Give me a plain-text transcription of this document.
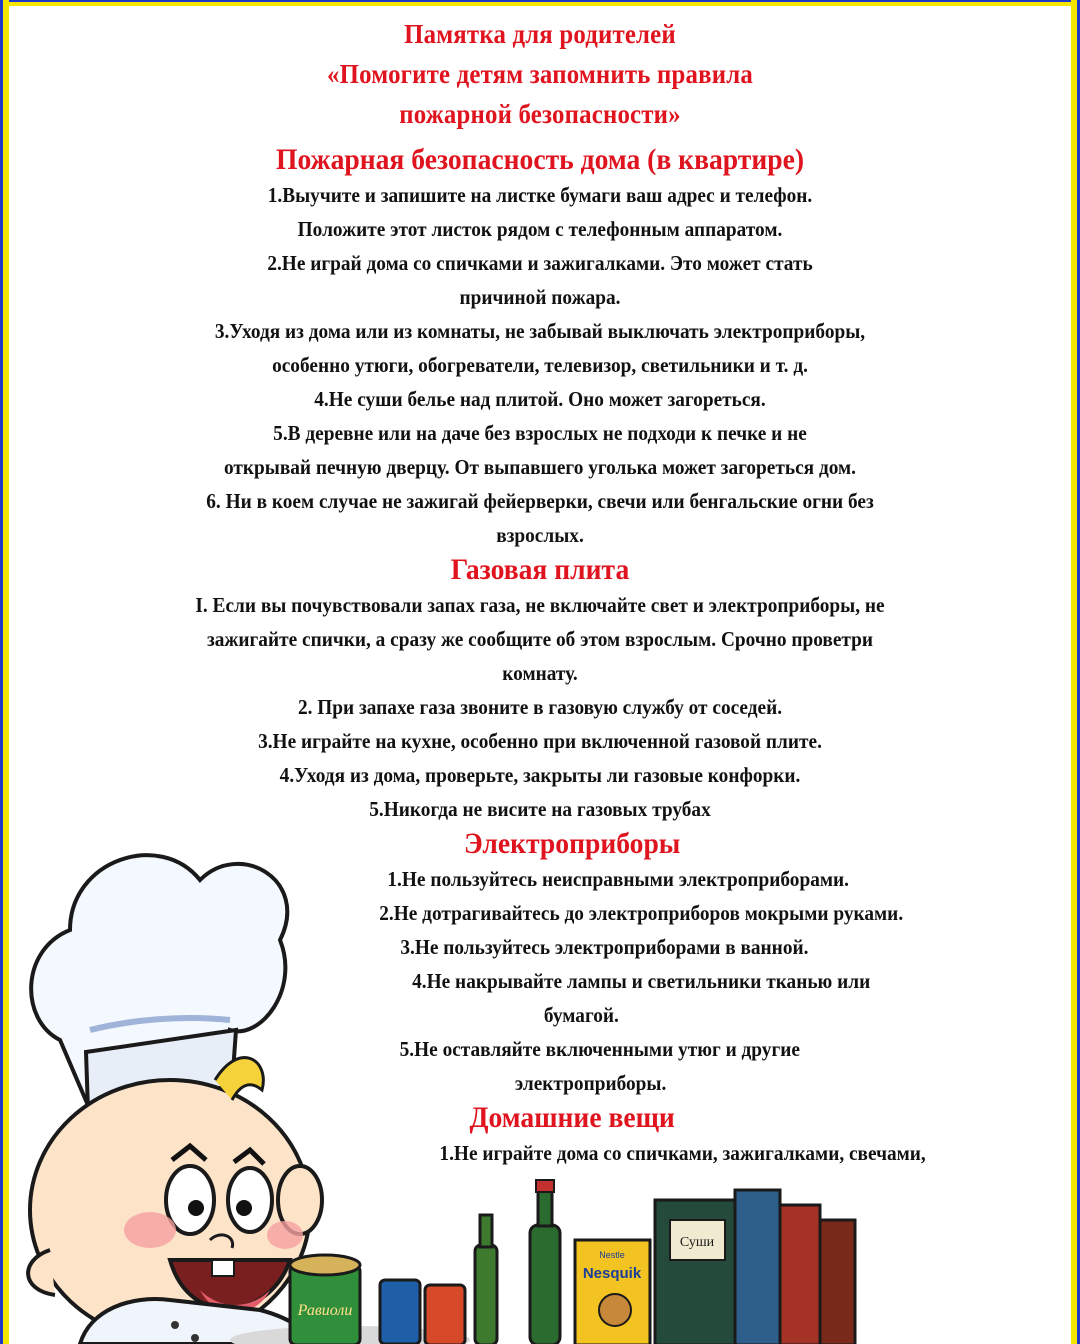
Памятка для родителей
«Помогите детям запомнить правила
пожарной безопасности»
Пожарная безопасность дома (в квартире)
1.Выучите и запишите на листке бумаги ваш адрес и телефон.
Положите этот листок рядом с телефонным аппаратом.
2.Не играй дома со спичками и зажигалками. Это может стать
причиной пожара.
3.Уходя из дома или из комнаты, не забывай выключать электроприборы,
особенно утюги, обогреватели, телевизор, светильники и т. д.
4.Не суши белье над плитой. Оно может загореться.
5.В деревне или на даче без взрослых не подходи к печке и не
открывай печную дверцу. От выпавшего уголька может загореться дом.
6. Ни в коем случае не зажигай фейерверки, свечи или бенгальские огни без
взрослых.
Газовая плита
I. Если вы почувствовали запах газа, не включайте свет и электроприборы, не
зажигайте спички, а сразу же сообщите об этом взрослым. Срочно проветри
комнату.
2. При запахе газа звоните в газовую службу от соседей.
3.Не играйте на кухне, особенно при включенной газовой плите.
4.Уходя из дома, проверьте, закрыты ли газовые конфорки.
5.Никогда не висите на газовых трубах
Электроприборы
1.Не пользуйтесь неисправными электроприборами.
2.Не дотрагивайтесь до электроприборов мокрыми руками.
3.Не пользуйтесь электроприборами в ванной.
4.Не накрывайте лампы и светильники тканью или
бумагой.
5.Не оставляйте включенными утюг и другие
электроприборы.
Домашние вещи
1.Не играйте дома со спичками, зажигалками, свечами,
Равиоли
Nestle
Nesquik
Суши
